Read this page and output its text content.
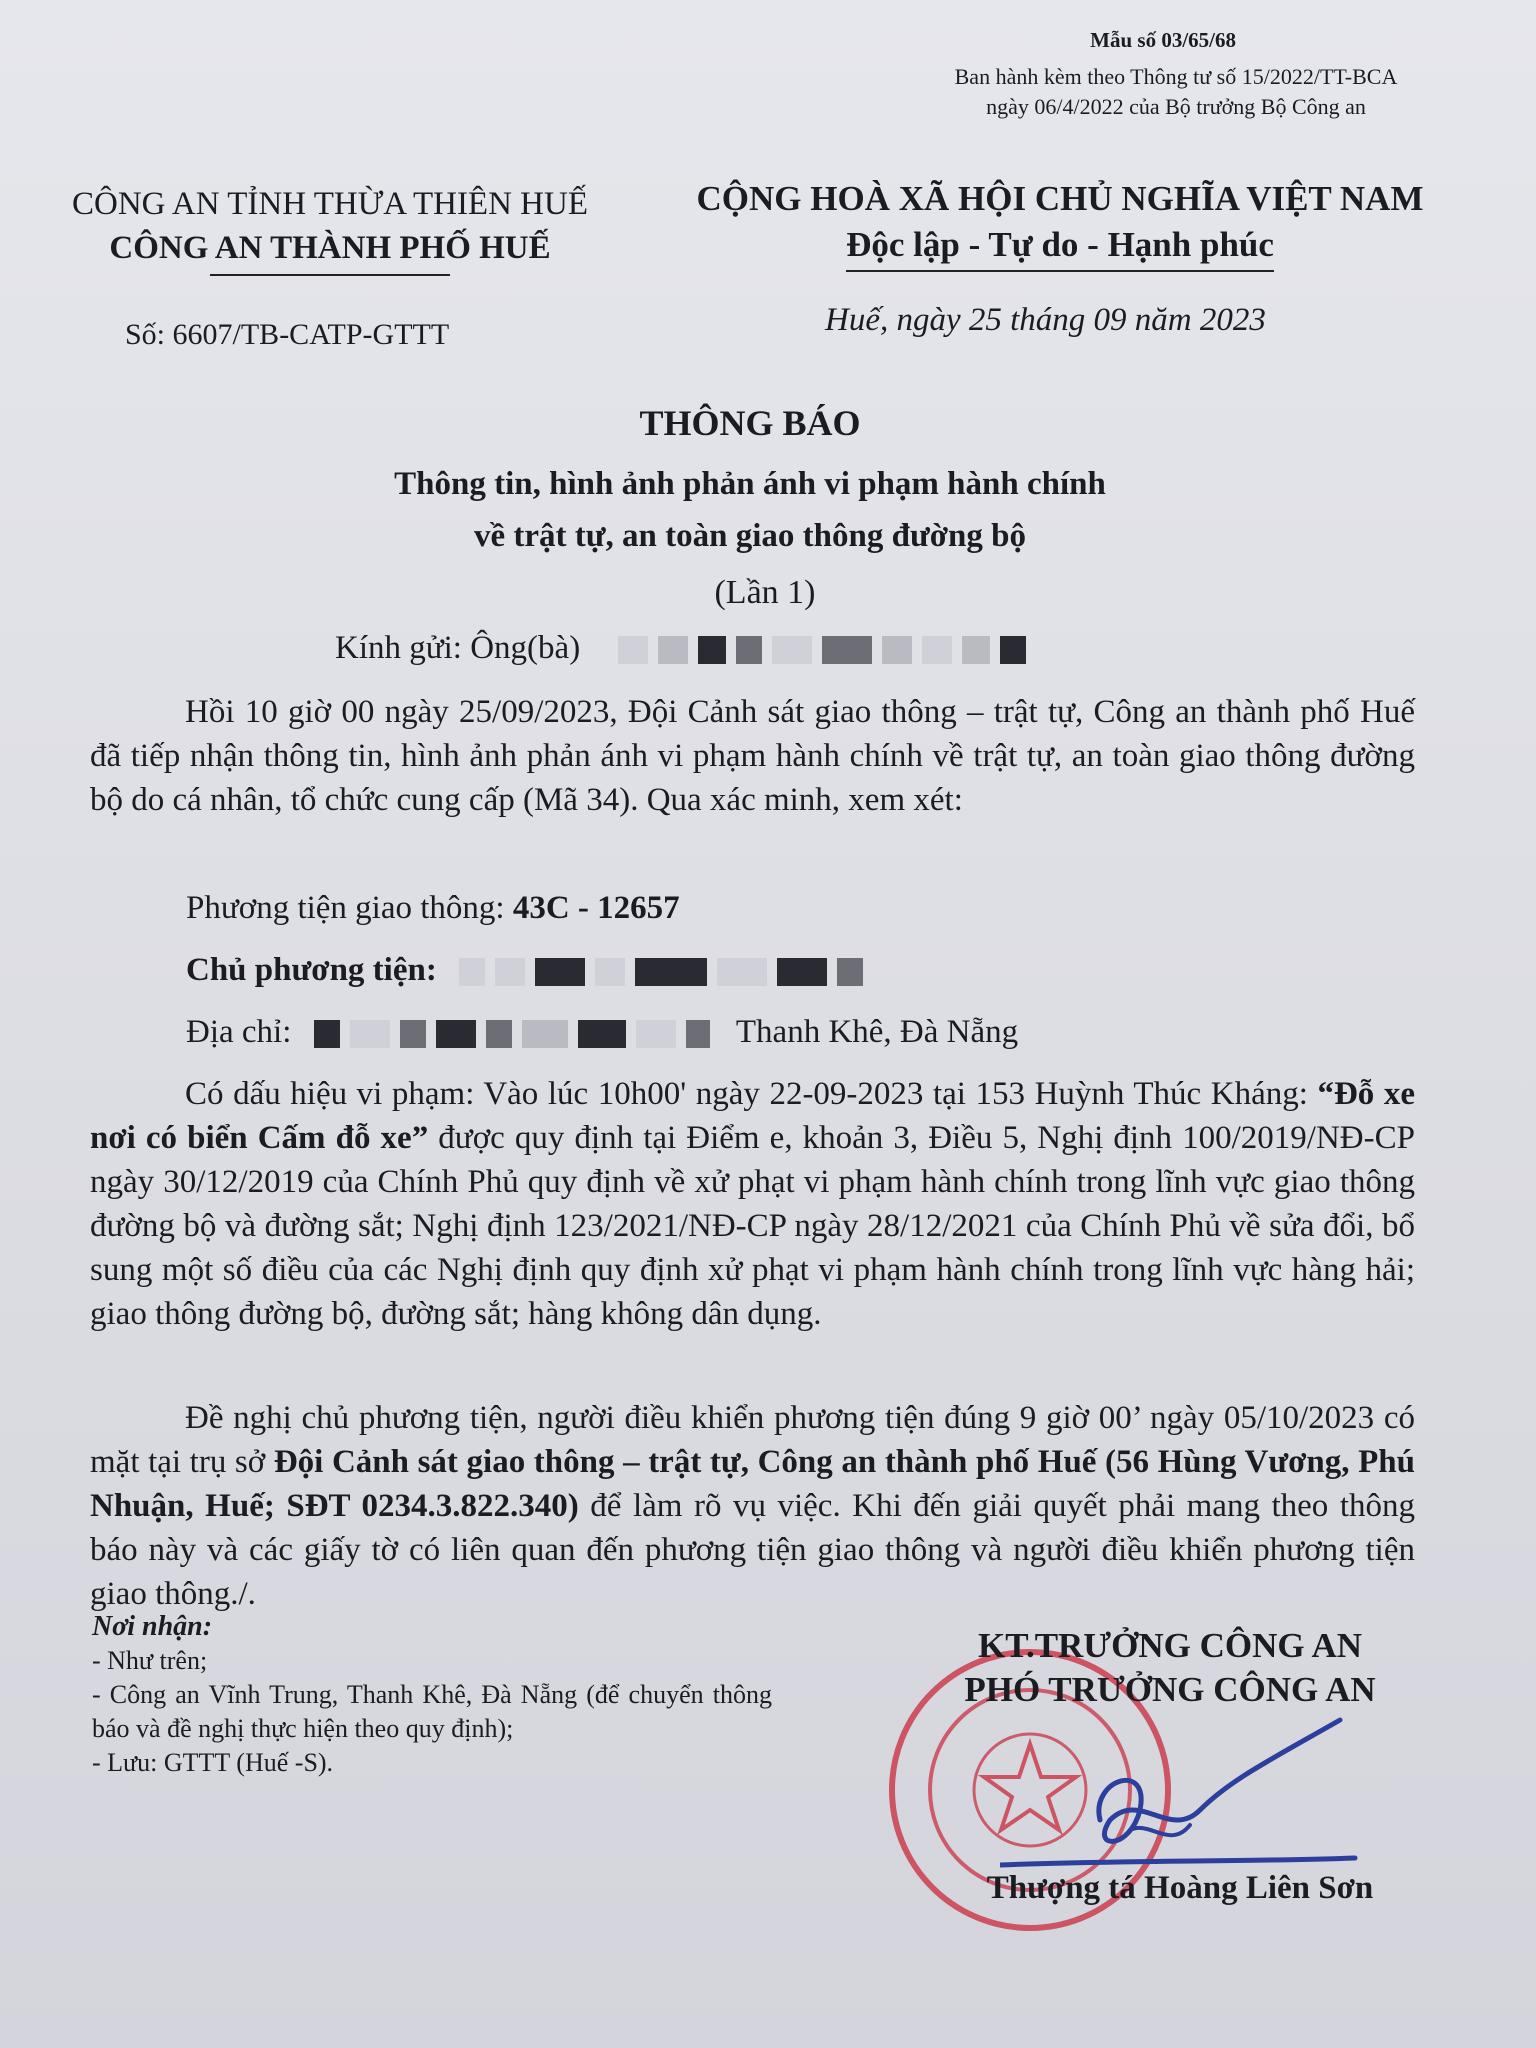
Mẫu số 03/65/68
Ban hành kèm theo Thông tư số 15/2022/TT-BCA
ngày 06/4/2022 của Bộ trưởng Bộ Công an
CÔNG AN TỈNH THỪA THIÊN HUẾ
CÔNG AN THÀNH PHỐ HUẾ
CỘNG HOÀ XÃ HỘI CHỦ NGHĨA VIỆT NAM
Độc lập - Tự do - Hạnh phúc
Số: 6607/TB-CATP-GTTT	Huế, ngày 25 tháng 09 năm 2023
THÔNG BÁO
Thông tin, hình ảnh phản ánh vi phạm hành chính
về trật tự, an toàn giao thông đường bộ
(Lần 1)
Kính gửi: Ông(bà)
Hồi 10 giờ 00 ngày 25/09/2023, Đội Cảnh sát giao thông – trật tự, Công an thành phố Huế đã tiếp nhận thông tin, hình ảnh phản ánh vi phạm hành chính về trật tự, an toàn giao thông đường bộ do cá nhân, tổ chức cung cấp (Mã 34). Qua xác minh, xem xét:
Phương tiện giao thông: 43C - 12657
Chủ phương tiện:
Địa chỉ:	Thanh Khê, Đà Nẵng
Có dấu hiệu vi phạm: Vào lúc 10h00' ngày 22-09-2023 tại 153 Huỳnh Thúc Kháng: “Đỗ xe nơi có biển Cấm đỗ xe” được quy định tại Điểm e, khoản 3, Điều 5, Nghị định 100/2019/NĐ-CP ngày 30/12/2019 của Chính Phủ quy định về xử phạt vi phạm hành chính trong lĩnh vực giao thông đường bộ và đường sắt; Nghị định 123/2021/NĐ-CP ngày 28/12/2021 của Chính Phủ về sửa đổi, bổ sung một số điều của các Nghị định quy định xử phạt vi phạm hành chính trong lĩnh vực hàng hải; giao thông đường bộ, đường sắt; hàng không dân dụng.
Đề nghị chủ phương tiện, người điều khiển phương tiện đúng 9 giờ 00’ ngày 05/10/2023 có mặt tại trụ sở Đội Cảnh sát giao thông – trật tự, Công an thành phố Huế (56 Hùng Vương, Phú Nhuận, Huế; SĐT 0234.3.822.340) để làm rõ vụ việc. Khi đến giải quyết phải mang theo thông báo này và các giấy tờ có liên quan đến phương tiện giao thông và người điều khiển phương tiện giao thông./.
Nơi nhận:
- Như trên;
- Công an Vĩnh Trung, Thanh Khê, Đà Nẵng (để chuyển thông báo và đề nghị thực hiện theo quy định);
- Lưu: GTTT (Huế -S).
KT.TRƯỞNG CÔNG AN
PHÓ TRƯỞNG CÔNG AN
Thượng tá Hoàng Liên Sơn
